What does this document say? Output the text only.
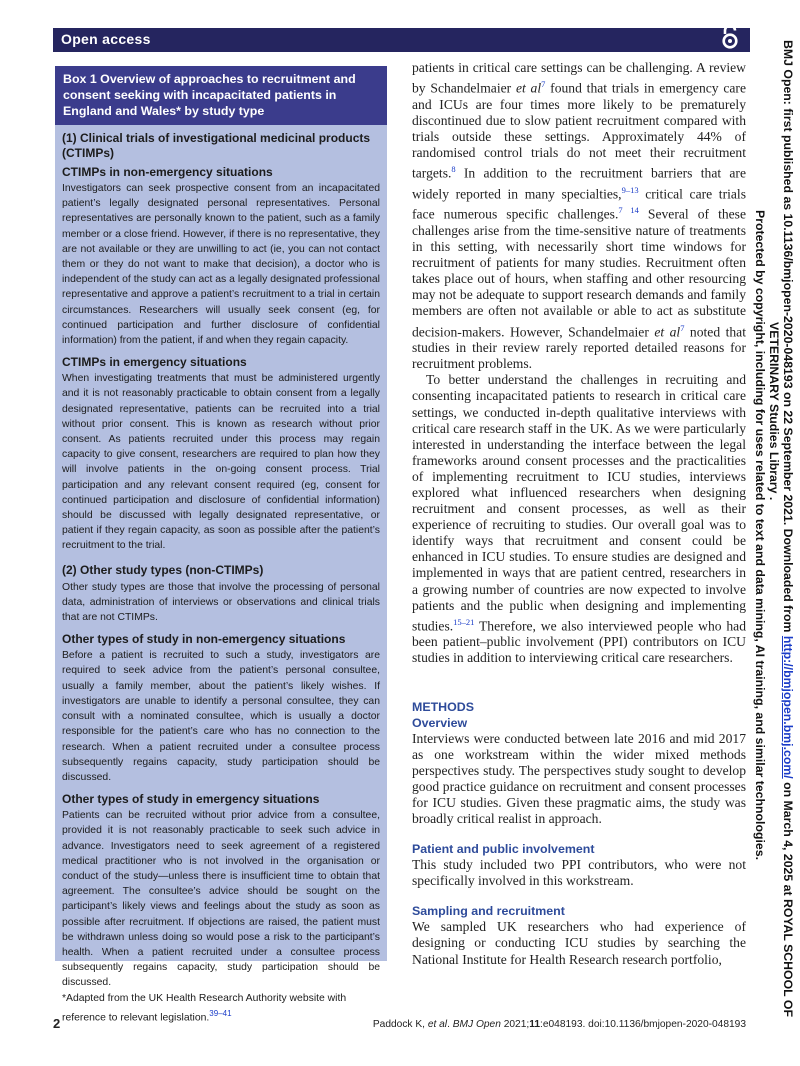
Open access
BMJ Open: first published as 10.1136/bmjopen-2020-048193 on 22 September 2021. Downloaded from http://bmjopen.bmj.com/ on March 4, 2025 at ROYAL SCHOOL OF
VETERINARY Studies Library .
Protected by copyright, including for uses related to text and data mining, AI training, and similar technologies.
Box 1 Overview of approaches to recruitment and consent seeking with incapacitated patients in England and Wales* by study type
(1) Clinical trials of investigational medicinal products (CTIMPs)
CTIMPs in non-emergency situations

Investigators can seek prospective consent from an incapacitated patient’s legally designated personal representatives. Personal representatives are personally known to the patient, such as a family member or a close friend. However, if there is no representative, they are not available or they are unwilling to act (ie, you can not contact them or they do not want to make that decision), a doctor who is independent of the study can act as a legally designated professional representative and approve a patient’s recruitment to a trial in certain circumstances. Researchers will usually seek consent (eg, for continued participation and further disclosure of confidential information) from the patient, if and when they regain capacity.

CTIMPs in emergency situations

When investigating treatments that must be administered urgently and it is not reasonably practicable to obtain consent from a legally designated representative, patients can be recruited into a trial without prior consent. This is known as research without prior consent. As patients recruited under this process may regain capacity to give consent, researchers are required to plan how they will involve patients in the on-going consent process. Trial participation and any relevant consent required (eg, consent for continued participation and disclosure of confidential information) should be discussed with legally designated representative, or patient if they regain capacity, as soon as possible after the patient’s recruitment to the trial.

(2) Other study types (non-CTIMPs)

Other study types are those that involve the processing of personal data, administration of interviews or observations and clinical trials that are not CTIMPs.

Other types of study in non-emergency situations

Before a patient is recruited to such a study, investigators are required to seek advice from the patient’s personal consultee, usually a family member, about the patient’s likely wishes. If investigators are unable to identify a personal consultee, they can consult with a nominated consultee, which is usually a doctor responsible for the patient’s care who has no connection to the research. When a patient recruited under a consultee process subsequently regains capacity, study participation should be discussed.

Other types of study in emergency situations

Patients can be recruited without prior advice from a consultee, provided it is not reasonably practicable to seek such advice in advance. Investigators need to seek agreement of a registered medical practitioner who is not involved in the organisation or conduct of the study—unless there is insufficient time to obtain that agreement. The consultee’s advice should be sought on the participant’s likely views and feelings about the study as soon as possible after recruitment. If objections are raised, the patient must be withdrawn unless doing so would pose a risk to the participant’s health. When a patient recruited under a consultee process subsequently regains capacity, study participation should be discussed.

*Adapted from the UK Health Research Authority website with reference to relevant legislation.$^{39-41}$

patients in critical care settings can be challenging. A review by Schandelmaier et $al^7$ found that trials in emergency care and ICUs are four times more likely to be prematurely discontinued due to slow patient recruitment compared with trials outside these settings. Approximately 44% of randomised control trials do not meet their recruitment targets.$^8$ In addition to the recruitment barriers that are widely reported in many specialties,$^{9-13}$ critical care trials face numerous specific challenges.$^{7 14}$ Several of these challenges arise from the time-sensitive nature of treatments in this setting, with necessarily short time windows for recruitment of patients for many studies. Recruitment often takes place out of hours, when staffing and other resourcing may not be adequate to support research demands and family members are often not available or able to act as substitute decision-makers. However, Schandelmaier et $al^7$ noted that studies in their review rarely reported detailed reasons for recruitment problems.

To better understand the challenges in recruiting and consenting incapacitated patients to research in critical care settings, we conducted in-depth qualitative interviews with critical care research staff in the UK. As we were particularly interested in understanding the interface between the legal frameworks around consent processes and the practicalities of implementing recruitment to ICU studies, interviews explored what influenced researchers when designing recruitment and consent processes, as well as their experience of recruiting to studies. Our overall goal was to identify ways that recruitment and consent could be enhanced in ICU studies. To ensure studies are designed and implemented in ways that are patient centred, researchers in a growing number of countries are now expected to involve patients and the public when designing and implementing studies.$^{15-21}$ Therefore, we also interviewed people who had been patient–public involvement (PPI) contributors on ICU studies in addition to interviewing critical care researchers.

METHODS

Overview

Interviews were conducted between late 2016 and mid 2017 as one workstream within the wider mixed methods perspectives study. The perspectives study sought to develop good practice guidance on recruitment and consent processes for ICU studies. Given these pragmatic aims, the study was broadly critical realist in approach.

Patient and public involvement

This study included two PPI contributors, who were not specifically involved in this workstream.

Sampling and recruitment

We sampled UK researchers who had experience of designing or conducting ICU studies by searching the National Institute for Health Research research portfolio,

2	Paddock K, et al. BMJ Open 2021;11:e048193. doi:10.1136/bmjopen-2020-048193
